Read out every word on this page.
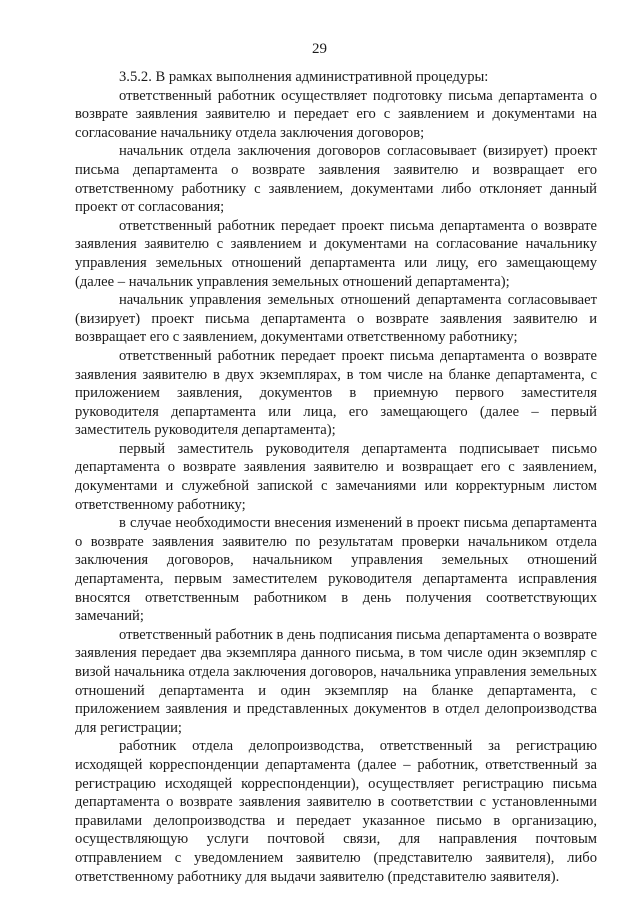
29

3.5.2. В рамках выполнения административной процедуры:

ответственный работник осуществляет подготовку письма департамента о возврате заявления заявителю и передает его с заявлением и документами на согласование начальнику отдела заключения договоров;

начальник отдела заключения договоров согласовывает (визирует) проект письма департамента о возврате заявления заявителю и возвращает его ответственному работнику с заявлением, документами либо отклоняет данный проект от согласования;

ответственный работник передает проект письма департамента о возврате заявления заявителю с заявлением и документами на согласование начальнику управления земельных отношений департамента или лицу, его замещающему (далее – начальник управления земельных отношений департамента);

начальник управления земельных отношений департамента согласовывает (визирует) проект письма департамента о возврате заявления заявителю и возвращает его с заявлением, документами ответственному работнику;

ответственный работник передает проект письма департамента о возврате заявления заявителю в двух экземплярах, в том числе на бланке департамента, с приложением заявления, документов в приемную первого заместителя руководителя департамента или лица, его замещающего (далее – первый заместитель руководителя департамента);

первый заместитель руководителя департамента подписывает письмо департамента о возврате заявления заявителю и возвращает его с заявлением, документами и служебной запиской с замечаниями или корректурным листом ответственному работнику;

в случае необходимости внесения изменений в проект письма департамента о возврате заявления заявителю по результатам проверки начальником отдела заключения договоров, начальником управления земельных отношений департамента, первым заместителем руководителя департамента исправления вносятся ответственным работником в день получения соответствующих замечаний;

ответственный работник в день подписания письма департамента о возврате заявления передает два экземпляра данного письма, в том числе один экземпляр с визой начальника отдела заключения договоров, начальника управления земельных отношений департамента и один экземпляр на бланке департамента, с приложением заявления и представленных документов в отдел делопроизводства для регистрации;

работник отдела делопроизводства, ответственный за регистрацию исходящей корреспонденции департамента (далее – работник, ответственный за регистрацию исходящей корреспонденции), осуществляет регистрацию письма департамента о возврате заявления заявителю в соответствии с установленными правилами делопроизводства и передает указанное письмо в организацию, осуществляющую услуги почтовой связи, для направления почтовым отправлением с уведомлением заявителю (представителю заявителя), либо ответственному работнику для выдачи заявителю (представителю заявителя).
